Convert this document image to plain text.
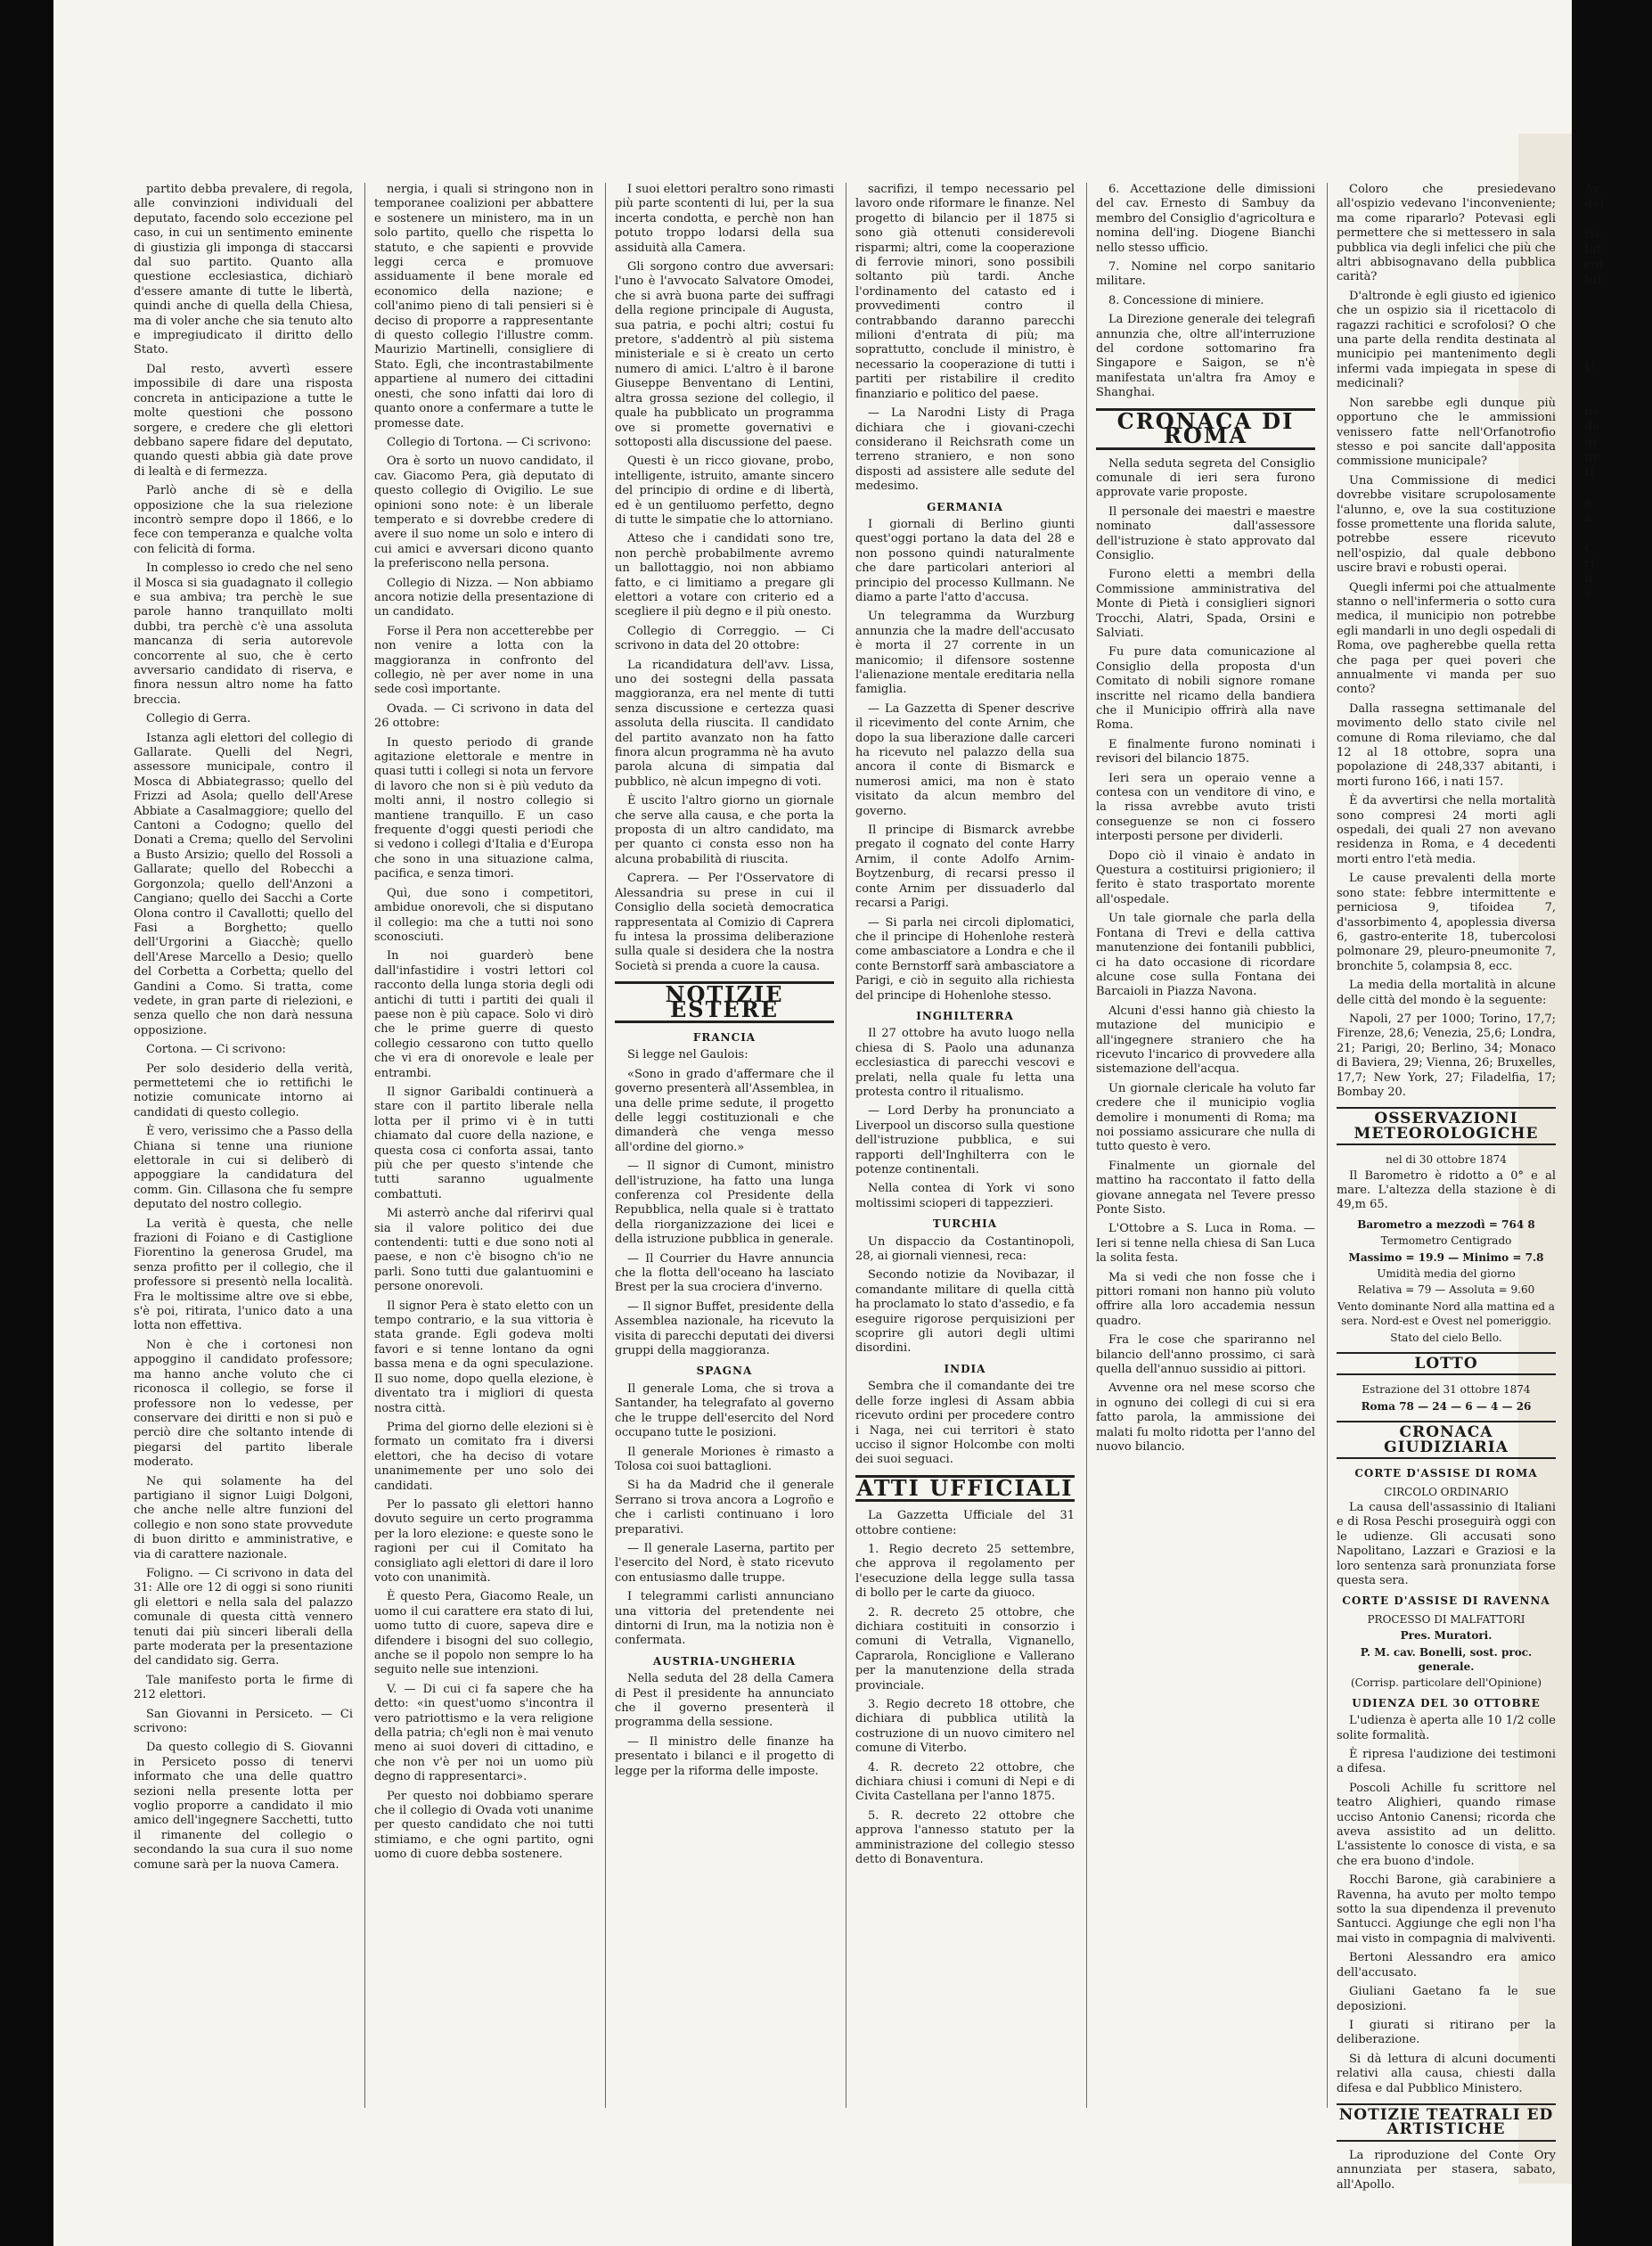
partito debba prevalere, di regola, alle convinzioni individuali del deputato, facendo solo eccezione pel caso, in cui un sentimento eminente di giustizia gli imponga di staccarsi dal suo partito. Quanto alla questione ecclesiastica, dichiarò d'essere amante di tutte le libertà, quindi anche di quella della Chiesa, ma di voler anche che sia tenuto alto e impregiudicato il diritto dello Stato.

Dal resto, avvertì essere impossibile di dare una risposta concreta in anticipazione a tutte le molte questioni che possono sorgere, e credere che gli elettori debbano sapere fidare del deputato, quando questi abbia già date prove di lealtà e di fermezza.

Parlò anche di sè e della opposizione che la sua rielezione incontrò sempre dopo il 1866, e lo fece con temperanza e qualche volta con felicità di forma.

In complesso io credo che nel seno il Mosca si sia guadagnato il collegio e sua ambiva; tra perchè le sue parole hanno tranquillato molti dubbi, tra perchè c'è una assoluta mancanza di seria autorevole concorrente al suo, che è certo avversario candidato di riserva, e finora nessun altro nome ha fatto breccia.

Collegio di Gerra.

Istanza agli elettori del collegio di Gallarate. Quelli del Negri, assessore municipale, contro il Mosca di Abbiategrasso; quello del Frizzi ad Asola; quello dell'Arese Abbiate a Casalmaggiore; quello del Cantoni a Codogno; quello del Donati a Crema; quello del Servolini a Busto Arsizio; quello del Rossoli a Gallarate; quello del Robecchi a Gorgonzola; quello dell'Anzoni a Cangiano; quello dei Sacchi a Corte Olona contro il Cavallotti; quello del Fasi a Borghetto; quello dell'Urgorini a Giacchè; quello dell'Arese Marcello a Desio; quello del Corbetta a Corbetta; quello del Gandini a Como. Si tratta, come vedete, in gran parte di rielezioni, e senza quello che non darà nessuna opposizione.

Cortona. — Ci scrivono:

Per solo desiderio della verità, permettetemi che io rettifichi le notizie comunicate intorno ai candidati di questo collegio.

È vero, verissimo che a Passo della Chiana si tenne una riunione elettorale in cui si deliberò di appoggiare la candidatura del comm. Gin. Cillasona che fu sempre deputato del nostro collegio.

La verità è questa, che nelle frazioni di Foiano e di Castiglione Fiorentino la generosa Grudel, ma senza profitto per il collegio, che il professore si presentò nella località. Fra le moltissime altre ove si ebbe, s'è poi, ritirata, l'unico dato a una lotta non effettiva.

Non è che i cortonesi non appoggino il candidato professore; ma hanno anche voluto che ci riconosca il collegio, se forse il professore non lo vedesse, per conservare dei diritti e non si può e perciò dire che soltanto intende di piegarsi del partito liberale moderato.

Ne qui solamente ha del partigiano il signor Luigi Dolgoni, che anche nelle altre funzioni del collegio e non sono state provvedute di buon diritto e amministrative, e via di carattere nazionale.

Foligno. — Ci scrivono in data del 31: Alle ore 12 di oggi si sono riuniti gli elettori e nella sala del palazzo comunale di questa città vennero tenuti dai più sinceri liberali della parte moderata per la presentazione del candidato sig. Gerra.

Tale manifesto porta le firme di 212 elettori.

San Giovanni in Persiceto. — Ci scrivono:

Da questo collegio di S. Giovanni in Persiceto posso di tenervi informato che una delle quattro sezioni nella presente lotta per voglio proporre a candidato il mio amico dell'ingegnere Sacchetti, tutto il rimanente del collegio o secondando la sua cura il suo nome comune sarà per la nuova Camera.

nergia, i quali si stringono non in temporanee coalizioni per abbattere e sostenere un ministero, ma in un solo partito, quello che rispetta lo statuto, e che sapienti e provvide leggi cerca e promuove assiduamente il bene morale ed economico della nazione; e coll'animo pieno di tali pensieri si è deciso di proporre a rappresentante di questo collegio l'illustre comm. Maurizio Martinelli, consigliere di Stato. Egli, che incontrastabilmente appartiene al numero dei cittadini onesti, che sono infatti dai loro di quanto onore a confermare a tutte le promesse date.

Collegio di Tortona. — Ci scrivono:

Ora è sorto un nuovo candidato, il cav. Giacomo Pera, già deputato di questo collegio di Ovigilio. Le sue opinioni sono note: è un liberale temperato e si dovrebbe credere di avere il suo nome un solo e intero di cui amici e avversari dicono quanto la preferiscono nella persona.

Collegio di Nizza. — Non abbiamo ancora notizie della presentazione di un candidato.

Forse il Pera non accetterebbe per non venire a lotta con la maggioranza in confronto del collegio, nè per aver nome in una sede così importante.

Ovada. — Ci scrivono in data del 26 ottobre:

In questo periodo di grande agitazione elettorale e mentre in quasi tutti i collegi si nota un fervore di lavoro che non si è più veduto da molti anni, il nostro collegio si mantiene tranquillo. E un caso frequente d'oggi questi periodi che si vedono i collegi d'Italia e d'Europa che sono in una situazione calma, pacifica, e senza timori.

Quì, due sono i competitori, ambidue onorevoli, che si disputano il collegio: ma che a tutti noi sono sconosciuti.

In noi guarderò bene dall'infastidire i vostri lettori col racconto della lunga storia degli odi antichi di tutti i partiti dei quali il paese non è più capace. Solo vi dirò che le prime guerre di questo collegio cessarono con tutto quello che vi era di onorevole e leale per entrambi.

Il signor Garibaldi continuerà a stare con il partito liberale nella lotta per il primo vi è in tutti chiamato dal cuore della nazione, e questa cosa ci conforta assai, tanto più che per questo s'intende che tutti saranno ugualmente combattuti.

Mi asterrò anche dal riferirvi qual sia il valore politico dei due contendenti: tutti e due sono noti al paese, e non c'è bisogno ch'io ne parli. Sono tutti due galantuomini e persone onorevoli.

Il signor Pera è stato eletto con un tempo contrario, e la sua vittoria è stata grande. Egli godeva molti favori e si tenne lontano da ogni bassa mena e da ogni speculazione. Il suo nome, dopo quella elezione, è diventato tra i migliori di questa nostra città.

Prima del giorno delle elezioni si è formato un comitato fra i diversi elettori, che ha deciso di votare unanimemente per uno solo dei candidati.

Per lo passato gli elettori hanno dovuto seguire un certo programma per la loro elezione: e queste sono le ragioni per cui il Comitato ha consigliato agli elettori di dare il loro voto con unanimità.

È questo Pera, Giacomo Reale, un uomo il cui carattere era stato di lui, uomo tutto di cuore, sapeva dire e difendere i bisogni del suo collegio, anche se il popolo non sempre lo ha seguito nelle sue intenzioni.

V. — Di cui ci fa sapere che ha detto: «in quest'uomo s'incontra il vero patriottismo e la vera religione della patria; ch'egli non è mai venuto meno ai suoi doveri di cittadino, e che non v'è per noi un uomo più degno di rappresentarci».

Per questo noi dobbiamo sperare che il collegio di Ovada voti unanime per questo candidato che noi tutti stimiamo, e che ogni partito, ogni uomo di cuore debba sostenere.

I suoi elettori peraltro sono rimasti più parte scontenti di lui, per la sua incerta condotta, e perchè non han potuto troppo lodarsi della sua assiduità alla Camera.

Gli sorgono contro due avversari: l'uno è l'avvocato Salvatore Omodei, che si avrà buona parte dei suffragi della regione principale di Augusta, sua patria, e pochi altri; costui fu pretore, s'addentrò al più sistema ministeriale e si è creato un certo numero di amici. L'altro è il barone Giuseppe Benventano di Lentini, altra grossa sezione del collegio, il quale ha pubblicato un programma ove si promette governativi e sottoposti alla discussione del paese.

Questi è un ricco giovane, probo, intelligente, istruito, amante sincero del principio di ordine e di libertà, ed è un gentiluomo perfetto, degno di tutte le simpatie che lo attorniano.

Atteso che i candidati sono tre, non perchè probabilmente avremo un ballottaggio, noi non abbiamo fatto, e ci limitiamo a pregare gli elettori a votare con criterio ed a scegliere il più degno e il più onesto.

Collegio di Correggio. — Ci scrivono in data del 20 ottobre:

La ricandidatura dell'avv. Lissa, uno dei sostegni della passata maggioranza, era nel mente di tutti senza discussione e certezza quasi assoluta della riuscita. Il candidato del partito avanzato non ha fatto finora alcun programma nè ha avuto parola alcuna di simpatia dal pubblico, nè alcun impegno di voti.

È uscito l'altro giorno un giornale che serve alla causa, e che porta la proposta di un altro candidato, ma per quanto ci consta esso non ha alcuna probabilità di riuscita.

Caprera. — Per l'Osservatore di Alessandria su prese in cui il Consiglio della società democratica rappresentata al Comizio di Caprera fu intesa la prossima deliberazione sulla quale si desidera che la nostra Società si prenda a cuore la causa.

NOTIZIE ESTERE
FRANCIA

Si legge nel Gaulois:

«Sono in grado d'affermare che il governo presenterà all'Assemblea, in una delle prime sedute, il progetto delle leggi costituzionali e che dimanderà che venga messo all'ordine del giorno.»

— Il signor di Cumont, ministro dell'istruzione, ha fatto una lunga conferenza col Presidente della Repubblica, nella quale si è trattato della riorganizzazione dei licei e della istruzione pubblica in generale.

— Il Courrier du Havre annuncia che la flotta dell'oceano ha lasciato Brest per la sua crociera d'inverno.

— Il signor Buffet, presidente della Assemblea nazionale, ha ricevuto la visita di parecchi deputati dei diversi gruppi della maggioranza.

SPAGNA

Il generale Loma, che si trova a Santander, ha telegrafato al governo che le truppe dell'esercito del Nord occupano tutte le posizioni.

Il generale Moriones è rimasto a Tolosa coi suoi battaglioni.

Si ha da Madrid che il generale Serrano si trova ancora a Logroño e che i carlisti continuano i loro preparativi.

— Il generale Laserna, partito per l'esercito del Nord, è stato ricevuto con entusiasmo dalle truppe.

I telegrammi carlisti annunciano una vittoria del pretendente nei dintorni di Irun, ma la notizia non è confermata.

AUSTRIA-UNGHERIA

Nella seduta del 28 della Camera di Pest il presidente ha annunciato che il governo presenterà il programma della sessione.

— Il ministro delle finanze ha presentato i bilanci e il progetto di legge per la riforma delle imposte.

sacrifizi, il tempo necessario pel lavoro onde riformare le finanze. Nel progetto di bilancio per il 1875 si sono già ottenuti considerevoli risparmi; altri, come la cooperazione di ferrovie minori, sono possibili soltanto più tardi. Anche l'ordinamento del catasto ed i provvedimenti contro il contrabbando daranno parecchi milioni d'entrata di più; ma soprattutto, conclude il ministro, è necessario la cooperazione di tutti i partiti per ristabilire il credito finanziario e politico del paese.

— La Narodni Listy di Praga dichiara che i giovani-czechi considerano il Reichsrath come un terreno straniero, e non sono disposti ad assistere alle sedute del medesimo.

GERMANIA

I giornali di Berlino giunti quest'oggi portano la data del 28 e non possono quindi naturalmente che dare particolari anteriori al principio del processo Kullmann. Ne diamo a parte l'atto d'accusa.

Un telegramma da Wurzburg annunzia che la madre dell'accusato è morta il 27 corrente in un manicomio; il difensore sostenne l'alienazione mentale ereditaria nella famiglia.

— La Gazzetta di Spener descrive il ricevimento del conte Arnim, che dopo la sua liberazione dalle carceri ha ricevuto nel palazzo della sua ancora il conte di Bismarck e numerosi amici, ma non è stato visitato da alcun membro del governo.

Il principe di Bismarck avrebbe pregato il cognato del conte Harry Arnim, il conte Adolfo Arnim-Boytzenburg, di recarsi presso il conte Arnim per dissuaderlo dal recarsi a Parigi.

— Si parla nei circoli diplomatici, che il principe di Hohenlohe resterà come ambasciatore a Londra e che il conte Bernstorff sarà ambasciatore a Parigi, e ciò in seguito alla richiesta del principe di Hohenlohe stesso.

INGHILTERRA

Il 27 ottobre ha avuto luogo nella chiesa di S. Paolo una adunanza ecclesiastica di parecchi vescovi e prelati, nella quale fu letta una protesta contro il ritualismo.

— Lord Derby ha pronunciato a Liverpool un discorso sulla questione dell'istruzione pubblica, e sui rapporti dell'Inghilterra con le potenze continentali.

Nella contea di York vi sono moltissimi scioperi di tappezzieri.

TURCHIA

Un dispaccio da Costantinopoli, 28, ai giornali viennesi, reca:

Secondo notizie da Novibazar, il comandante militare di quella città ha proclamato lo stato d'assedio, e fa eseguire rigorose perquisizioni per scoprire gli autori degli ultimi disordini.

INDIA

Sembra che il comandante dei tre delle forze inglesi di Assam abbia ricevuto ordini per procedere contro i Naga, nei cui territori è stato ucciso il signor Holcombe con molti dei suoi seguaci.

ATTI UFFICIALI

La Gazzetta Ufficiale del 31 ottobre contiene:

1. Regio decreto 25 settembre, che approva il regolamento per l'esecuzione della legge sulla tassa di bollo per le carte da giuoco.

2. R. decreto 25 ottobre, che dichiara costituiti in consorzio i comuni di Vetralla, Vignanello, Caprarola, Ronciglione e Vallerano per la manutenzione della strada provinciale.

3. Regio decreto 18 ottobre, che dichiara di pubblica utilità la costruzione di un nuovo cimitero nel comune di Viterbo.

4. R. decreto 22 ottobre, che dichiara chiusi i comuni di Nepi e di Civita Castellana per l'anno 1875.

5. R. decreto 22 ottobre che approva l'annesso statuto per la amministrazione del collegio stesso detto di Bonaventura.

6. Accettazione delle dimissioni del cav. Ernesto di Sambuy da membro del Consiglio d'agricoltura e nomina dell'ing. Diogene Bianchi nello stesso ufficio.

7. Nomine nel corpo sanitario militare.

8. Concessione di miniere.

La Direzione generale dei telegrafi annunzia che, oltre all'interruzione del cordone sottomarino fra Singapore e Saigon, se n'è manifestata un'altra fra Amoy e Shanghai.

CRONACA DI ROMA

Nella seduta segreta del Consiglio comunale di ieri sera furono approvate varie proposte.

Il personale dei maestri e maestre nominato dall'assessore dell'istruzione è stato approvato dal Consiglio.

Furono eletti a membri della Commissione amministrativa del Monte di Pietà i consiglieri signori Trocchi, Alatri, Spada, Orsini e Salviati.

Fu pure data comunicazione al Consiglio della proposta d'un Comitato di nobili signore romane inscritte nel ricamo della bandiera che il Municipio offrirà alla nave Roma.

E finalmente furono nominati i revisori del bilancio 1875.

Ieri sera un operaio venne a contesa con un venditore di vino, e la rissa avrebbe avuto tristi conseguenze se non ci fossero interposti persone per dividerli.

Dopo ciò il vinaio è andato in Questura a costituirsi prigioniero; il ferito è stato trasportato morente all'ospedale.

Un tale giornale che parla della Fontana di Trevi e della cattiva manutenzione dei fontanili pubblici, ci ha dato occasione di ricordare alcune cose sulla Fontana dei Barcaioli in Piazza Navona.

Alcuni d'essi hanno già chiesto la mutazione del municipio e all'ingegnere straniero che ha ricevuto l'incarico di provvedere alla sistemazione dell'acqua.

Un giornale clericale ha voluto far credere che il municipio voglia demolire i monumenti di Roma; ma noi possiamo assicurare che nulla di tutto questo è vero.

Finalmente un giornale del mattino ha raccontato il fatto della giovane annegata nel Tevere presso Ponte Sisto.

L'Ottobre a S. Luca in Roma. — Ieri si tenne nella chiesa di San Luca la solita festa.

Ma si vedi che non fosse che i pittori romani non hanno più voluto offrire alla loro accademia nessun quadro.

Fra le cose che spariranno nel bilancio dell'anno prossimo, ci sarà quella dell'annuo sussidio ai pittori.

Avvenne ora nel mese scorso che in ognuno dei collegi di cui si era fatto parola, la ammissione dei malati fu molto ridotta per l'anno del nuovo bilancio.

Coloro che presiedevano all'ospizio vedevano l'inconveniente; ma come ripararlo? Potevasi egli permettere che si mettessero in sala pubblica via degli infelici che più che altri abbisognavano della pubblica carità?

D'altronde è egli giusto ed igienico che un ospizio sia il ricettacolo di ragazzi rachitici e scrofolosi? O che una parte della rendita destinata al municipio pei mantenimento degli infermi vada impiegata in spese di medicinali?

Non sarebbe egli dunque più opportuno che le ammissioni venissero fatte nell'Orfanotrofio stesso e poi sancite dall'apposita commissione municipale?

Una Commissione di medici dovrebbe visitare scrupolosamente l'alunno, e, ove la sua costituzione fosse promettente una florida salute, potrebbe essere ricevuto nell'ospizio, dal quale debbono uscire bravi e robusti operai.

Quegli infermi poi che attualmente stanno o nell'infermeria o sotto cura medica, il municipio non potrebbe egli mandarli in uno degli ospedali di Roma, ove pagherebbe quella retta che paga per quei poveri che annualmente vi manda per suo conto?

Dalla rassegna settimanale del movimento dello stato civile nel comune di Roma rileviamo, che dal 12 al 18 ottobre, sopra una popolazione di 248,337 abitanti, i morti furono 166, i nati 157.

È da avvertirsi che nella mortalità sono compresi 24 morti agli ospedali, dei quali 27 non avevano residenza in Roma, e 4 decedenti morti entro l'età media.

Le cause prevalenti della morte sono state: febbre intermittente e perniciosa 9, tifoidea 7, d'assorbimento 4, apoplessia diversa 6, gastro-enterite 18, tubercolosi polmonare 29, pleuro-pneumonite 7, bronchite 5, colampsia 8, ecc.

La media della mortalità in alcune delle città del mondo è la seguente:

Napoli, 27 per 1000; Torino, 17,7; Firenze, 28,6; Venezia, 25,6; Londra, 21; Parigi, 20; Berlino, 34; Monaco di Baviera, 29; Vienna, 26; Bruxelles, 17,7; New York, 27; Filadelfia, 17; Bombay 20.

OSSERVAZIONI METEOROLOGICHE
nel di 30 ottobre 1874

Il Barometro è ridotto a 0° e al mare. L'altezza della stazione è di 49,m 65.

Barometro a mezzodì = 764 8
Termometro Centigrado
Massimo = 19.9 — Minimo = 7.8
Umidità media del giorno
Relativa = 79 — Assoluta = 9.60
Vento dominante Nord alla mattina ed a sera. Nord-est e Ovest nel pomeriggio.
Stato del cielo Bello.
LOTTO
Estrazione del 31 ottobre 1874
Roma 78 — 24 — 6 — 4 — 26
CRONACA GIUDIZIARIA
CORTE D'ASSISE DI ROMA
CIRCOLO ORDINARIO

La causa dell'assassinio di Italiani e di Rosa Peschi proseguirà oggi con le udienze. Gli accusati sono Napolitano, Lazzari e Graziosi e la loro sentenza sarà pronunziata forse questa sera.

CORTE D'ASSISE DI RAVENNA
PROCESSO DI MALFATTORI
Pres. Muratori.
P. M. cav. Bonelli, sost. proc. generale.
(Corrisp. particolare dell'Opinione)
UDIENZA DEL 30 OTTOBRE

L'udienza è aperta alle 10 1/2 colle solite formalità.

È ripresa l'audizione dei testimoni a difesa.

Poscoli Achille fu scrittore nel teatro Alighieri, quando rimase ucciso Antonio Canensi; ricorda che aveva assistito ad un delitto. L'assistente lo conosce di vista, e sa che era buono d'indole.

Rocchi Barone, già carabiniere a Ravenna, ha avuto per molto tempo sotto la sua dipendenza il prevenuto Santucci. Aggiunge che egli non l'ha mai visto in compagnia di malviventi.

Bertoni Alessandro era amico dell'accusato.

Giuliani Gaetano fa le sue deposizioni.

I giurati si ritirano per la deliberazione.

Si dà lettura di alcuni documenti relativi alla causa, chiesti dalla difesa e dal Pubblico Ministero.

NOTIZIE TEATRALI ED ARTISTICHE

La riproduzione del Conte Ory annunziata per stasera, sabato, all'Apollo.

Ar
del
isc
lot
col
bil
U
ne
de
gr
ne
ti
e
a
c
ri
n
s
